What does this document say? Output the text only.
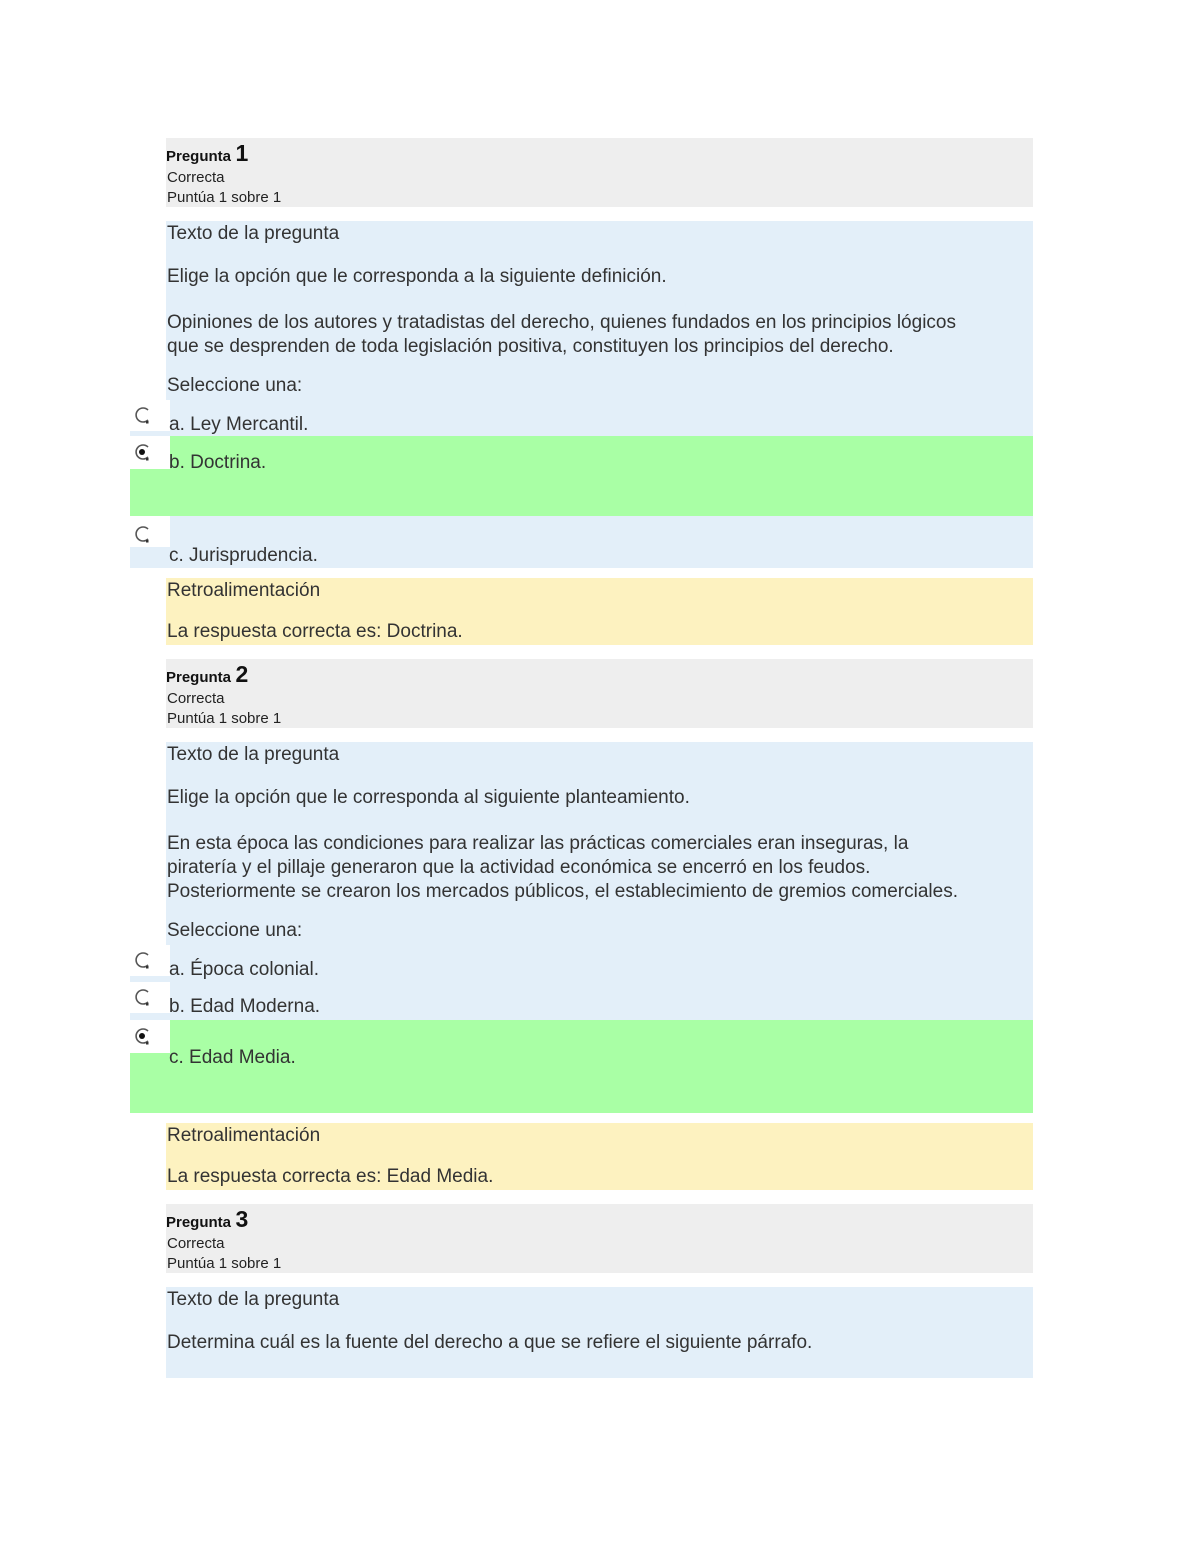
Pregunta 1
Correcta
Puntúa 1 sobre 1
Texto de la pregunta
Elige la opción que le corresponda a la siguiente definición.
Opiniones de los autores y tratadistas del derecho, quienes fundados en los principios lógicos
que se desprenden de toda legislación positiva, constituyen los principios del derecho.
Seleccione una:
a. Ley Mercantil.
b. Doctrina.
c. Jurisprudencia.
Retroalimentación
La respuesta correcta es: Doctrina.
Pregunta 2
Correcta
Puntúa 1 sobre 1
Texto de la pregunta
Elige la opción que le corresponda al siguiente planteamiento.
En esta época las condiciones para realizar las prácticas comerciales eran inseguras, la
piratería y el pillaje generaron que la actividad económica se encerró en los feudos.
Posteriormente se crearon los mercados públicos, el establecimiento de gremios comerciales.
Seleccione una:
a. Época colonial.
b. Edad Moderna.
c. Edad Media.
Retroalimentación
La respuesta correcta es: Edad Media.
Pregunta 3
Correcta
Puntúa 1 sobre 1
Texto de la pregunta
Determina cuál es la fuente del derecho a que se refiere el siguiente párrafo.
